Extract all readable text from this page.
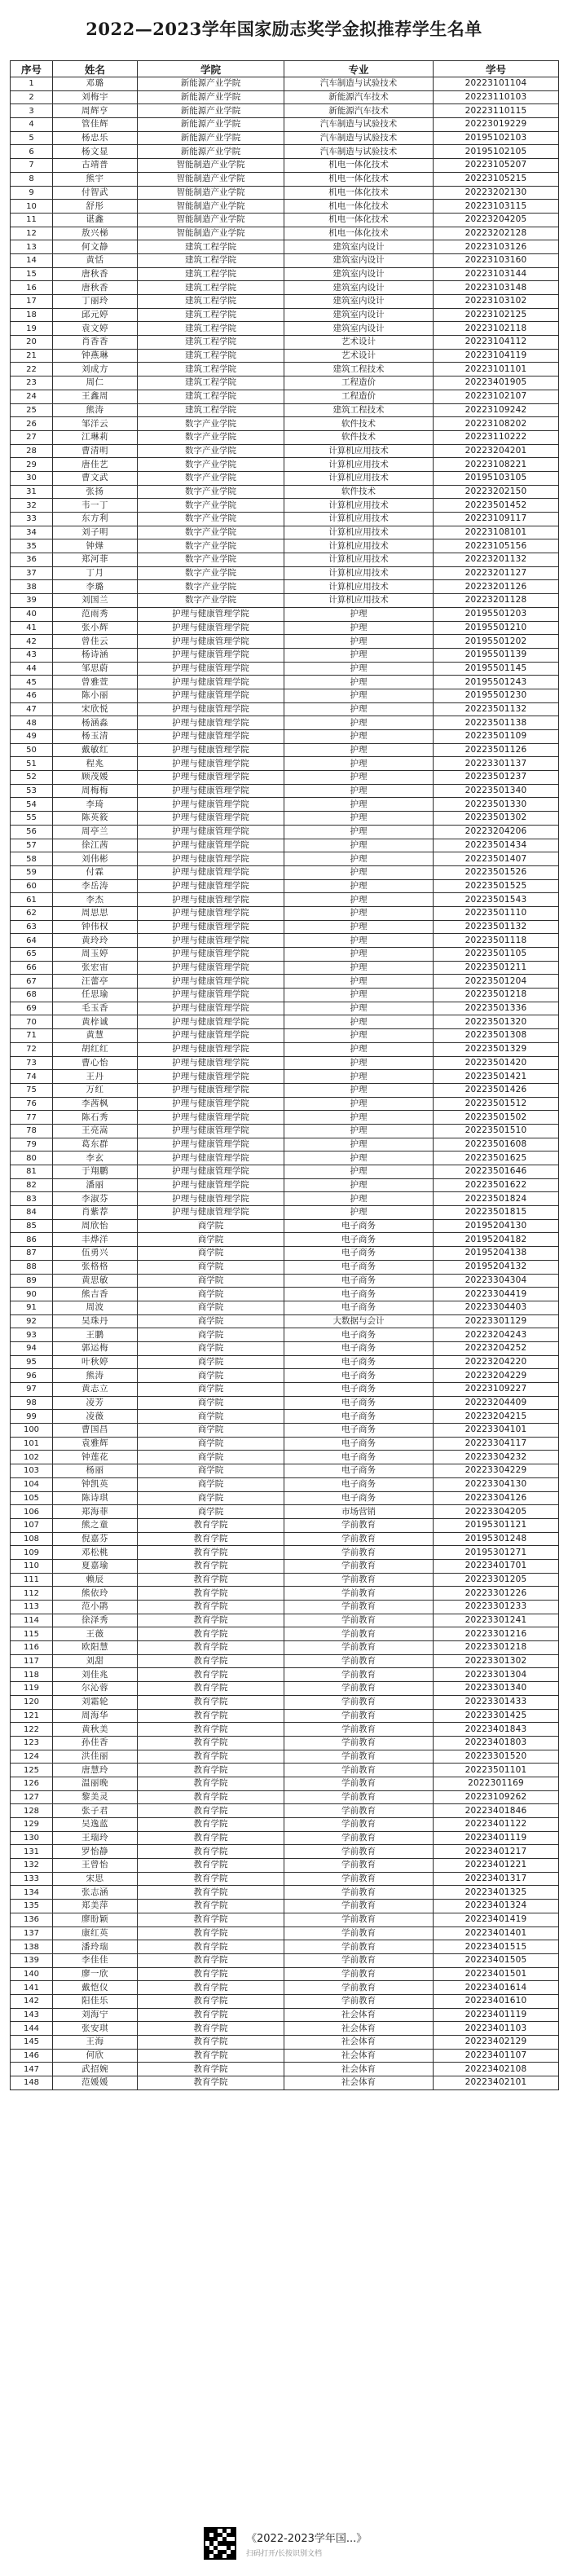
2022—2023学年国家励志奖学金拟推荐学生名单
序号	姓名	学院	专业	学号
1	邓璐	新能源产业学院	汽车制造与试验技术	20223101104
2	刘梅宇	新能源产业学院	新能源汽车技术	20223110103
3	周辉亨	新能源产业学院	新能源汽车技术	20223110115
4	管佳辉	新能源产业学院	汽车制造与试验技术	20223019229
5	杨忠乐	新能源产业学院	汽车制造与试验技术	20195102103
6	杨文显	新能源产业学院	汽车制造与试验技术	20195102105
7	古靖普	智能制造产业学院	机电一体化技术	20223105207
8	熊宇	智能制造产业学院	机电一体化技术	20223105215
9	付智武	智能制造产业学院	机电一体化技术	20223202130
10	舒彤	智能制造产业学院	机电一体化技术	20223103115
11	谌鑫	智能制造产业学院	机电一体化技术	20223204205
12	敖兴梯	智能制造产业学院	机电一体化技术	20223202128
13	何文静	建筑工程学院	建筑室内设计	20223103126
14	黄恬	建筑工程学院	建筑室内设计	20223103160
15	唐秋香	建筑工程学院	建筑室内设计	20223103144
16	唐秋香	建筑工程学院	建筑室内设计	20223103148
17	丁丽玲	建筑工程学院	建筑室内设计	20223103102
18	邱元婷	建筑工程学院	建筑室内设计	20223102125
19	袁文婷	建筑工程学院	建筑室内设计	20223102118
20	肖香香	建筑工程学院	艺术设计	20223104112
21	钟燕琳	建筑工程学院	艺术设计	20223104119
22	刘成方	建筑工程学院	建筑工程技术	20223101101
23	周仁	建筑工程学院	工程造价	20223401905
24	王鑫周	建筑工程学院	工程造价	20223102107
25	熊涛	建筑工程学院	建筑工程技术	20223109242
26	邹洋云	数字产业学院	软件技术	20223108202
27	江琳莉	数字产业学院	软件技术	20223110222
28	曹清明	数字产业学院	计算机应用技术	20223204201
29	唐佳艺	数字产业学院	计算机应用技术	20223108221
30	曹文武	数字产业学院	计算机应用技术	20195103105
31	张扬	数字产业学院	软件技术	20223202150
32	韦一丁	数字产业学院	计算机应用技术	20223501452
33	东方利	数字产业学院	计算机应用技术	20223109117
34	刘子明	数字产业学院	计算机应用技术	20223108101
35	钟燁	数字产业学院	计算机应用技术	20223105156
36	郑河菲	数字产业学院	计算机应用技术	20223201132
37	丁月	数字产业学院	计算机应用技术	20223201127
38	李璐	数字产业学院	计算机应用技术	20223201126
39	刘国兰	数字产业学院	计算机应用技术	20223201128
40	范雨秀	护理与健康管理学院	护理	20195501203
41	张小辉	护理与健康管理学院	护理	20195501210
42	曾佳云	护理与健康管理学院	护理	20195501202
43	杨诗涵	护理与健康管理学院	护理	20195501139
44	邹思蔚	护理与健康管理学院	护理	20195501145
45	曾雅萱	护理与健康管理学院	护理	20195501243
46	陈小丽	护理与健康管理学院	护理	20195501230
47	宋欣悦	护理与健康管理学院	护理	20223501132
48	杨涵淼	护理与健康管理学院	护理	20223501138
49	杨玉清	护理与健康管理学院	护理	20223501109
50	戴敏红	护理与健康管理学院	护理	20223501126
51	程兆	护理与健康管理学院	护理	20223301137
52	顾茂媛	护理与健康管理学院	护理	20223501237
53	周梅梅	护理与健康管理学院	护理	20223501340
54	李琦	护理与健康管理学院	护理	20223501330
55	陈英筱	护理与健康管理学院	护理	20223501302
56	周亭兰	护理与健康管理学院	护理	20223204206
57	徐江茜	护理与健康管理学院	护理	20223501434
58	刘伟彬	护理与健康管理学院	护理	20223501407
59	付霖	护理与健康管理学院	护理	20223501526
60	李岳涛	护理与健康管理学院	护理	20223501525
61	李杰	护理与健康管理学院	护理	20223501543
62	周思思	护理与健康管理学院	护理	20223501110
63	钟伟权	护理与健康管理学院	护理	20223501132
64	黄玲玲	护理与健康管理学院	护理	20223501118
65	周玉婷	护理与健康管理学院	护理	20223501105
66	张宏宙	护理与健康管理学院	护理	20223501211
67	汪蕾亭	护理与健康管理学院	护理	20223501204
68	任思瑜	护理与健康管理学院	护理	20223501218
69	毛玉香	护理与健康管理学院	护理	20223501336
70	黄梓诚	护理与健康管理学院	护理	20223501320
71	黄慧	护理与健康管理学院	护理	20223501308
72	胡红红	护理与健康管理学院	护理	20223501329
73	曹心怡	护理与健康管理学院	护理	20223501420
74	王丹	护理与健康管理学院	护理	20223501421
75	万红	护理与健康管理学院	护理	20223501426
76	李茜枫	护理与健康管理学院	护理	20223501512
77	陈石秀	护理与健康管理学院	护理	20223501502
78	王亮嵩	护理与健康管理学院	护理	20223501510
79	葛东群	护理与健康管理学院	护理	20223501608
80	李玄	护理与健康管理学院	护理	20223501625
81	于翔鹏	护理与健康管理学院	护理	20223501646
82	潘丽	护理与健康管理学院	护理	20223501622
83	李淑芬	护理与健康管理学院	护理	20223501824
84	肖紫荐	护理与健康管理学院	护理	20223501815
85	周欣怡	商学院	电子商务	20195204130
86	丰烨洋	商学院	电子商务	20195204182
87	伍勇兴	商学院	电子商务	20195204138
88	张格格	商学院	电子商务	20195204132
89	黄思敏	商学院	电子商务	20223304304
90	熊吉香	商学院	电子商务	20223304419
91	周波	商学院	电子商务	20223304403
92	吴珠丹	商学院	大数据与会计	20223301129
93	王鹏	商学院	电子商务	20223204243
94	郭运梅	商学院	电子商务	20223204252
95	叶秋婷	商学院	电子商务	20223204220
96	熊涛	商学院	电子商务	20223204229
97	黄志立	商学院	电子商务	20223109227
98	凌芳	商学院	电子商务	20223204409
99	凌薇	商学院	电子商务	20223204215
100	曹国昌	商学院	电子商务	20223304101
101	袁雅辉	商学院	电子商务	20223304117
102	钟莲花	商学院	电子商务	20223304232
103	杨丽	商学院	电子商务	20223304229
104	钟凯英	商学院	电子商务	20223304130
105	陈诗琪	商学院	电子商务	20223304126
106	郑海菲	商学院	市场营销	20223304205
107	熊之童	教育学院	学前教育	20195301121
108	倪嘉芬	教育学院	学前教育	20195301248
109	邓松桃	教育学院	学前教育	20195301271
110	夏嘉瑜	教育学院	学前教育	20223401701
111	赖辰	教育学院	学前教育	20223301205
112	熊依玲	教育学院	学前教育	20223301226
113	范小鹃	教育学院	学前教育	20223301233
114	徐泽秀	教育学院	学前教育	20223301241
115	王薇	教育学院	学前教育	20223301216
116	欧阳慧	教育学院	学前教育	20223301218
117	刘甜	教育学院	学前教育	20223301302
118	刘佳兆	教育学院	学前教育	20223301304
119	尔沁蓉	教育学院	学前教育	20223301340
120	刘霜轮	教育学院	学前教育	20223301433
121	周海华	教育学院	学前教育	20223301425
122	黄秋美	教育学院	学前教育	20223401843
123	孙佳香	教育学院	学前教育	20223401803
124	洪佳丽	教育学院	学前教育	20223301520
125	唐慧玲	教育学院	学前教育	20223501101
126	温丽晚	教育学院	学前教育	2022301169
127	黎美灵	教育学院	学前教育	20223109262
128	张子君	教育学院	学前教育	20223401846
129	吴逸蓝	教育学院	学前教育	20223401122
130	王瑞玲	教育学院	学前教育	20223401119
131	罗怡静	教育学院	学前教育	20223401217
132	王曾怡	教育学院	学前教育	20223401221
133	宋思	教育学院	学前教育	20223401317
134	张志涵	教育学院	学前教育	20223401325
135	郑美萍	教育学院	学前教育	20223401324
136	廖盼颖	教育学院	学前教育	20223401419
137	康红英	教育学院	学前教育	20223401401
138	潘玲瑞	教育学院	学前教育	20223401515
139	李佳佳	教育学院	学前教育	20223401505
140	廖一欣	教育学院	学前教育	20223401501
141	戴恺仪	教育学院	学前教育	20223401614
142	阳佳乐	教育学院	学前教育	20223401610
143	刘海宁	教育学院	社会体育	20223401119
144	张安琪	教育学院	社会体育	20223401103
145	王海	教育学院	社会体育	20223402129
146	何欣	教育学院	社会体育	20223401107
147	武招婉	教育学院	社会体育	20223402108
148	范媛媛	教育学院	社会体育	20223402101
《2022-2023学年国...》
扫码打开/长按识别文档
